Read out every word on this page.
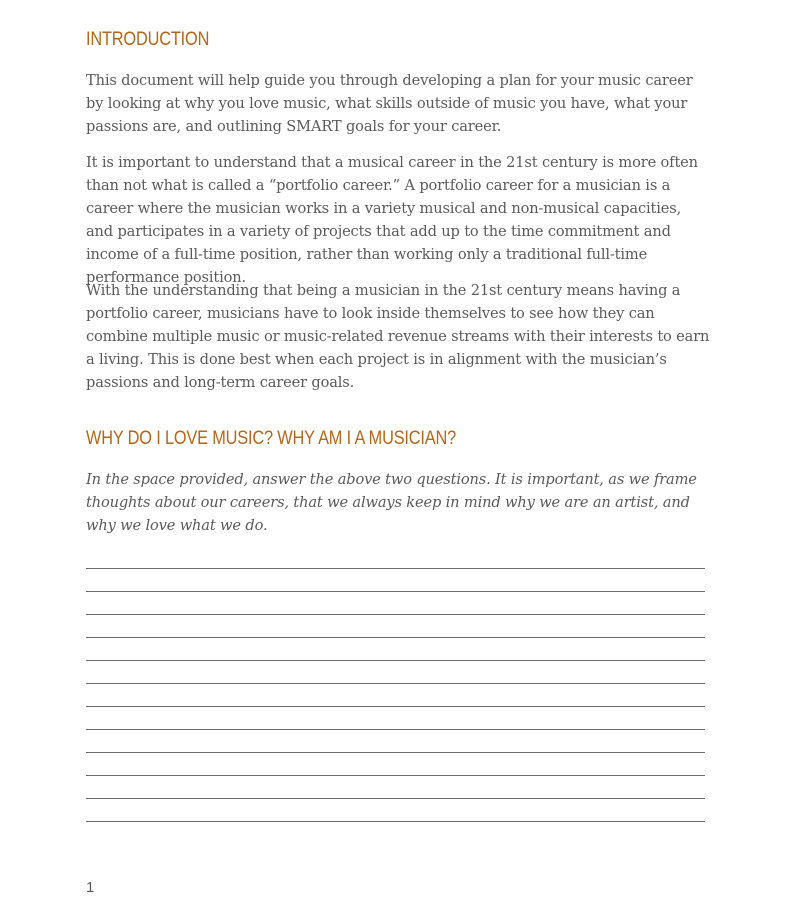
INTRODUCTION

This document will help guide you through developing a plan for your music career by looking at why you love music, what skills outside of music you have, what your passions are, and outlining SMART goals for your career.

It is important to understand that a musical career in the 21st century is more often than not what is called a “portfolio career.” A portfolio career for a musician is a career where the musician works in a variety musical and non-musical capacities, and participates in a variety of projects that add up to the time commitment and income of a full-time position, rather than working only a traditional full-time performance position.

With the understanding that being a musician in the 21st century means having a portfolio career, musicians have to look inside themselves to see how they can combine multiple music or music-related revenue streams with their interests to earn a living. This is done best when each project is in alignment with the musician’s passions and long-term career goals.

WHY DO I LOVE MUSIC? WHY AM I A MUSICIAN?

In the space provided, answer the above two questions. It is important, as we frame thoughts about our careers, that we always keep in mind why we are an artist, and why we love what we do.

1
